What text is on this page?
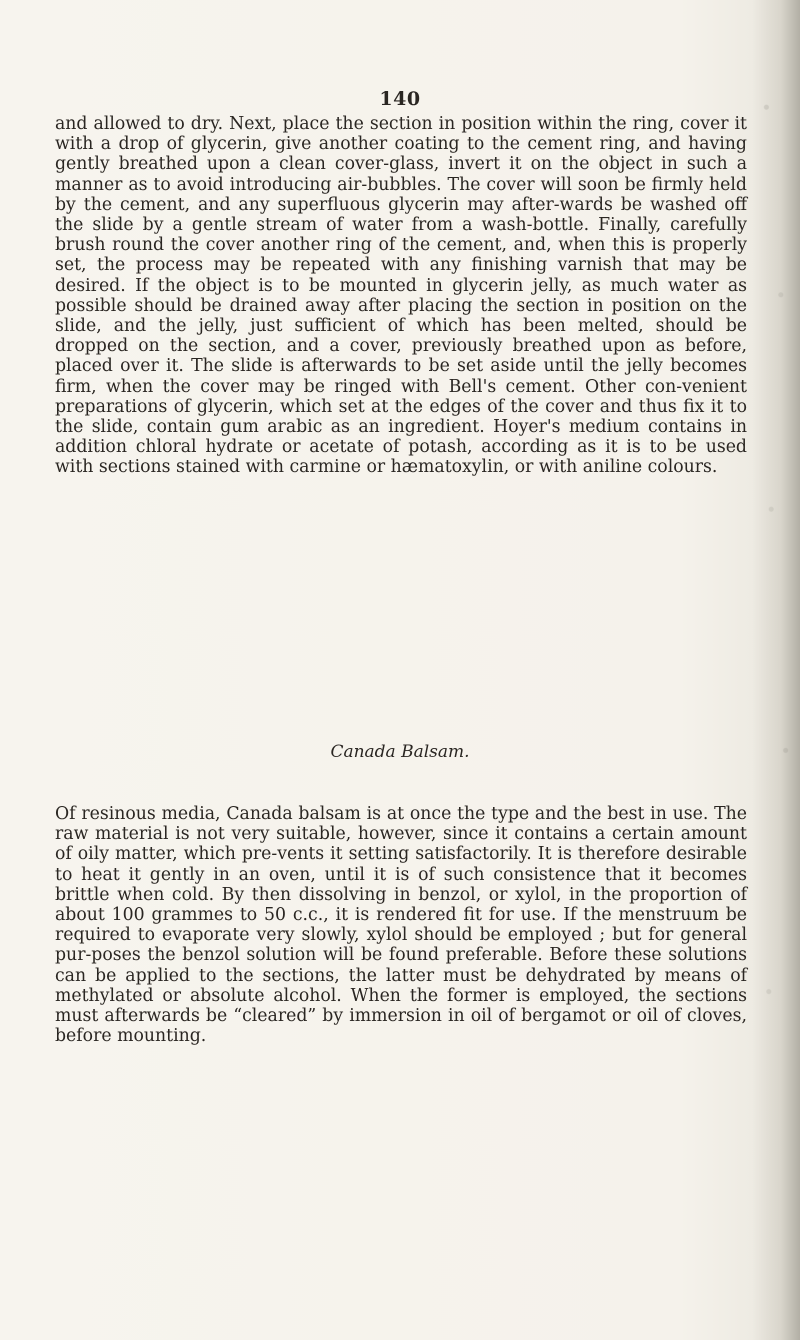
140

and allowed to dry. Next, place the section in position within the ring, cover it with a drop of glycerin, give another coating to the cement ring, and having gently breathed upon a clean cover-glass, invert it on the object in such a manner as to avoid introducing air-bubbles. The cover will soon be firmly held by the cement, and any superfluous glycerin may after-wards be washed off the slide by a gentle stream of water from a wash-bottle. Finally, carefully brush round the cover another ring of the cement, and, when this is properly set, the process may be repeated with any finishing varnish that may be desired. If the object is to be mounted in glycerin jelly, as much water as possible should be drained away after placing the section in position on the slide, and the jelly, just sufficient of which has been melted, should be dropped on the section, and a cover, previously breathed upon as before, placed over it. The slide is afterwards to be set aside until the jelly becomes firm, when the cover may be ringed with Bell's cement. Other con-venient preparations of glycerin, which set at the edges of the cover and thus fix it to the slide, contain gum arabic as an ingredient. Hoyer's medium contains in addition chloral hydrate or acetate of potash, according as it is to be used with sections stained with carmine or hæmatoxylin, or with aniline colours.

Canada Balsam.

Of resinous media, Canada balsam is at once the type and the best in use. The raw material is not very suitable, however, since it contains a certain amount of oily matter, which pre-vents it setting satisfactorily. It is therefore desirable to heat it gently in an oven, until it is of such consistence that it becomes brittle when cold. By then dissolving in benzol, or xylol, in the proportion of about 100 grammes to 50 c.c., it is rendered fit for use. If the menstruum be required to evaporate very slowly, xylol should be employed ; but for general pur-poses the benzol solution will be found preferable. Before these solutions can be applied to the sections, the latter must be dehydrated by means of methylated or absolute alcohol. When the former is employed, the sections must afterwards be “cleared” by immersion in oil of bergamot or oil of cloves, before mounting.
